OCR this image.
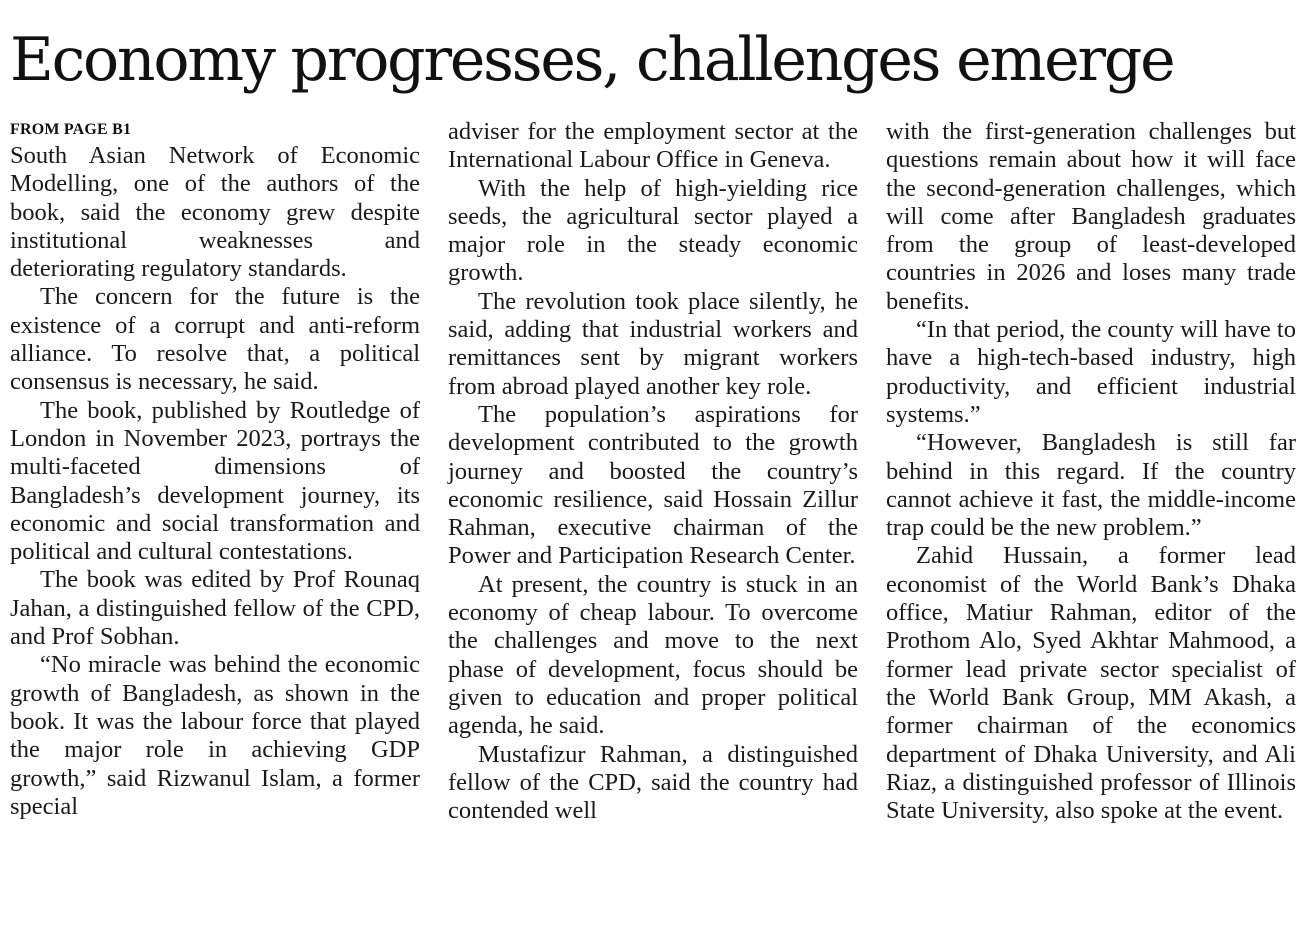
Economy progresses, challenges emerge
FROM PAGE B1

South Asian Network of Economic Modelling, one of the authors of the book, said the economy grew despite institutional weaknesses and deteriorating regulatory standards.

The concern for the future is the existence of a corrupt and anti-reform alliance. To resolve that, a political consensus is necessary, he said.

The book, published by Routledge of London in November 2023, portrays the multi-faceted dimensions of Bangladesh’s development journey, its economic and social transformation and political and cultural contestations.

The book was edited by Prof Rounaq Jahan, a distinguished fellow of the CPD, and Prof Sobhan.

“No miracle was behind the economic growth of Bangladesh, as shown in the book. It was the labour force that played the major role in achieving GDP growth,” said Rizwanul Islam, a former special

adviser for the employment sector at the International Labour Office in Geneva.

With the help of high-yielding rice seeds, the agricultural sector played a major role in the steady economic growth.

The revolution took place silently, he said, adding that industrial workers and remittances sent by migrant workers from abroad played another key role.

The population’s aspirations for development contributed to the growth journey and boosted the country’s economic resilience, said Hossain Zillur Rahman, executive chairman of the Power and Participation Research Center.

At present, the country is stuck in an economy of cheap labour. To overcome the challenges and move to the next phase of development, focus should be given to education and proper political agenda, he said.

Mustafizur Rahman, a distinguished fellow of the CPD, said the country had contended well

with the first-generation challenges but questions remain about how it will face the second-generation challenges, which will come after Bangladesh graduates from the group of least-developed countries in 2026 and loses many trade benefits.

“In that period, the county will have to have a high-tech-based industry, high productivity, and efficient industrial systems.”

“However, Bangladesh is still far behind in this regard. If the country cannot achieve it fast, the middle-income trap could be the new problem.”

Zahid Hussain, a former lead economist of the World Bank’s Dhaka office, Matiur Rahman, editor of the Prothom Alo, Syed Akhtar Mahmood, a former lead private sector specialist of the World Bank Group, MM Akash, a former chairman of the economics department of Dhaka University, and Ali Riaz, a distinguished professor of Illinois State University, also spoke at the event.
